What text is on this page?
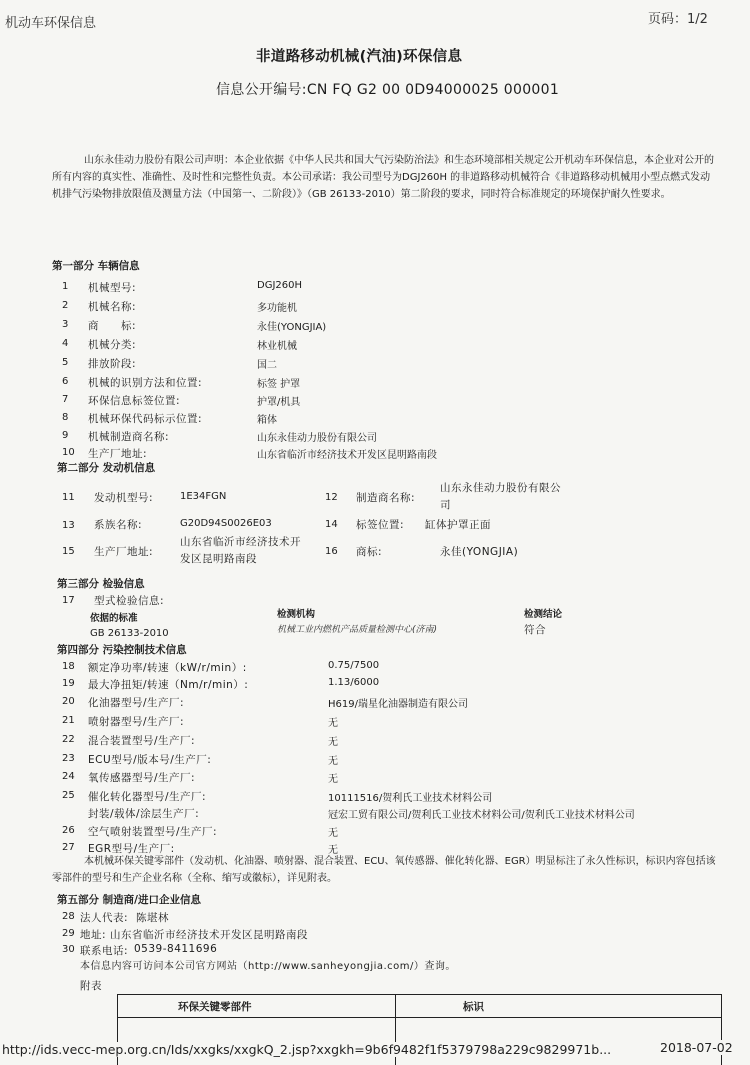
机动车环保信息	页码：1/2
非道路移动机械(汽油)环保信息
信息公开编号:CN FQ G2 00 0D94000025 000001
山东永佳动力股份有限公司声明：本企业依据《中华人民共和国大气污染防治法》和生态环境部相关规定公开机动车环保信息，本企业对公开的所有内容的真实性、准确性、及时性和完整性负责。本公司承诺：我公司型号为DGJ260H 的非道路移动机械符合《非道路移动机械用小型点燃式发动机排气污染物排放限值及测量方法（中国第一、二阶段）》（GB 26133-2010）第二阶段的要求，同时符合标准规定的环境保护耐久性要求。
第一部分 车辆信息
1 机械型号:	DGJ260H
2 机械名称:	多功能机
3 商　　标:	永佳(YONGJIA)
4 机械分类:	林业机械
5 排放阶段:	国二
6 机械的识别方法和位置:	标签 护罩
7 环保信息标签位置:	护罩/机具
8 机械环保代码标示位置:	箱体
9 机械制造商名称:	山东永佳动力股份有限公司
10 生产厂地址:	山东省临沂市经济技术开发区昆明路南段
第二部分 发动机信息
11 发动机型号:	1E34FGN
13 系族名称:	G20D94S0026E03
15 生产厂地址:
山东省临沂市经济技术开
发区昆明路南段
12 制造商名称:
山东永佳动力股份有限公
司
14 标签位置: 缸体护罩正面
16 商标:	永佳(YONGJIA)
第三部分 检验信息
17 型式检验信息:
依据的标准	检测机构	检测结论
GB 26133-2010	机械工业内燃机产品质量检测中心(济南)	符合
第四部分 污染控制技术信息
18 额定净功率/转速（kW/r/min）:	0.75/7500
19 最大净扭矩/转速（Nm/r/min）:	1.13/6000
20 化油器型号/生产厂:	H619/瑞星化油器制造有限公司
21 喷射器型号/生产厂:	无
22 混合装置型号/生产厂:	无
23 ECU型号/版本号/生产厂:	无
24 氧传感器型号/生产厂:	无
25 催化转化器型号/生产厂:	10111516/贺利氏工业技术材料公司
封装/载体/涂层生产厂:	冠宏工贸有限公司/贺利氏工业技术材料公司/贺利氏工业技术材料公司
26 空气喷射装置型号/生产厂:	无
27 EGR型号/生产厂:	无
本机械环保关键零部件（发动机、化油器、喷射器、混合装置、ECU、氧传感器、催化转化器、EGR）明显标注了永久性标识，标识内容包括该零部件的型号和生产企业名称（全称、缩写或徽标），详见附表。
第五部分 制造商/进口企业信息
28 法人代表: 陈堪林
29 地址: 山东省临沂市经济技术开发区昆明路南段
30 联系电话: 0539-8411696
本信息内容可访问本公司官方网站（http://www.sanheyongjia.com/）查询。
附表
环保关键零部件	标识
http://ids.vecc-mep.org.cn/Ids/xxgks/xxgkQ_2.jsp?xxgkh=9b6f9482f1f5379798a229c9829971b...	2018-07-02
